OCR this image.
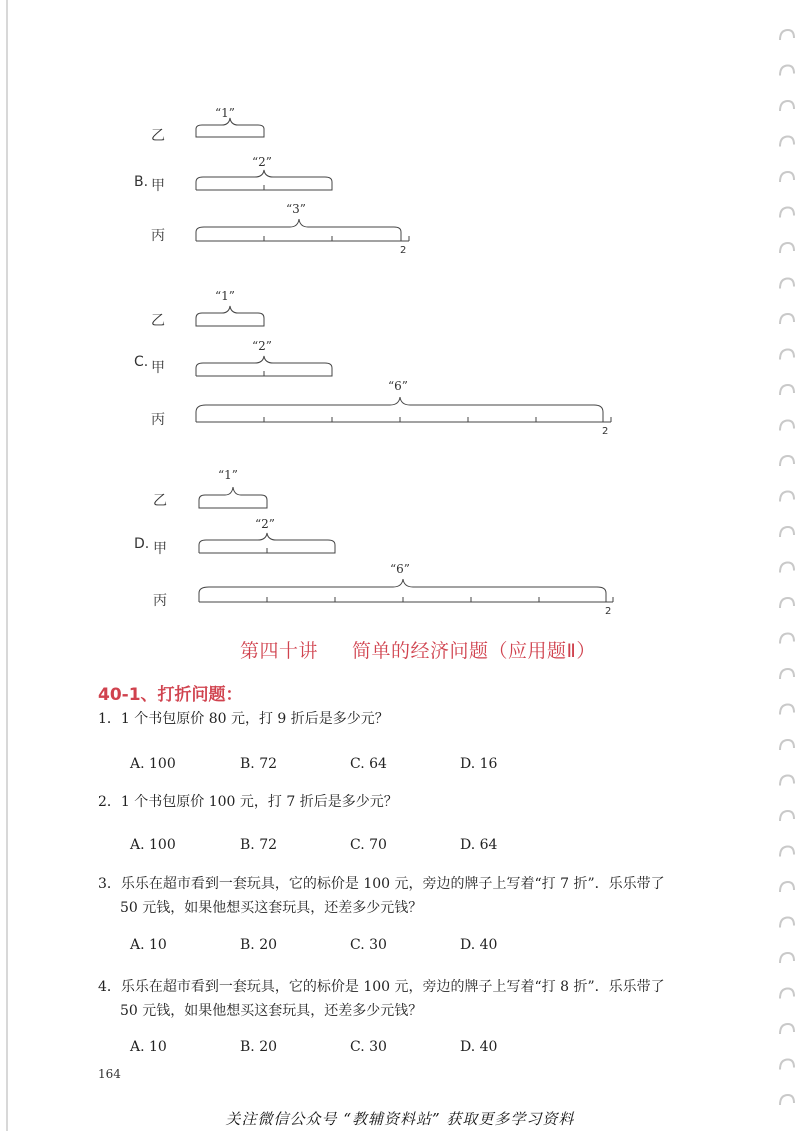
B.
乙
“1”
甲
“2”
丙
“3”
2
C.
乙
“1”
甲
“2”
丙
“6”
2
D.
乙
“1”
甲
“2”
丙
“6”
2
第四十讲 简单的经济问题（应用题Ⅱ）
40-1、打折问题：
1．1 个书包原价 80 元，打 9 折后是多少元？
A. 100	B. 72	C. 64	D. 16
2．1 个书包原价 100 元，打 7 折后是多少元？
A. 100	B. 72	C. 70	D. 64
3．乐乐在超市看到一套玩具，它的标价是 100 元，旁边的牌子上写着“打 7 折”．乐乐带了
50 元钱，如果他想买这套玩具，还差多少元钱？
A. 10	B. 20	C. 30	D. 40
4．乐乐在超市看到一套玩具，它的标价是 100 元，旁边的牌子上写着“打 8 折”．乐乐带了
50 元钱，如果他想买这套玩具，还差多少元钱？
A. 10	B. 20	C. 30	D. 40
164
关注微信公众号 “教辅资料站” 获取更多学习资料
